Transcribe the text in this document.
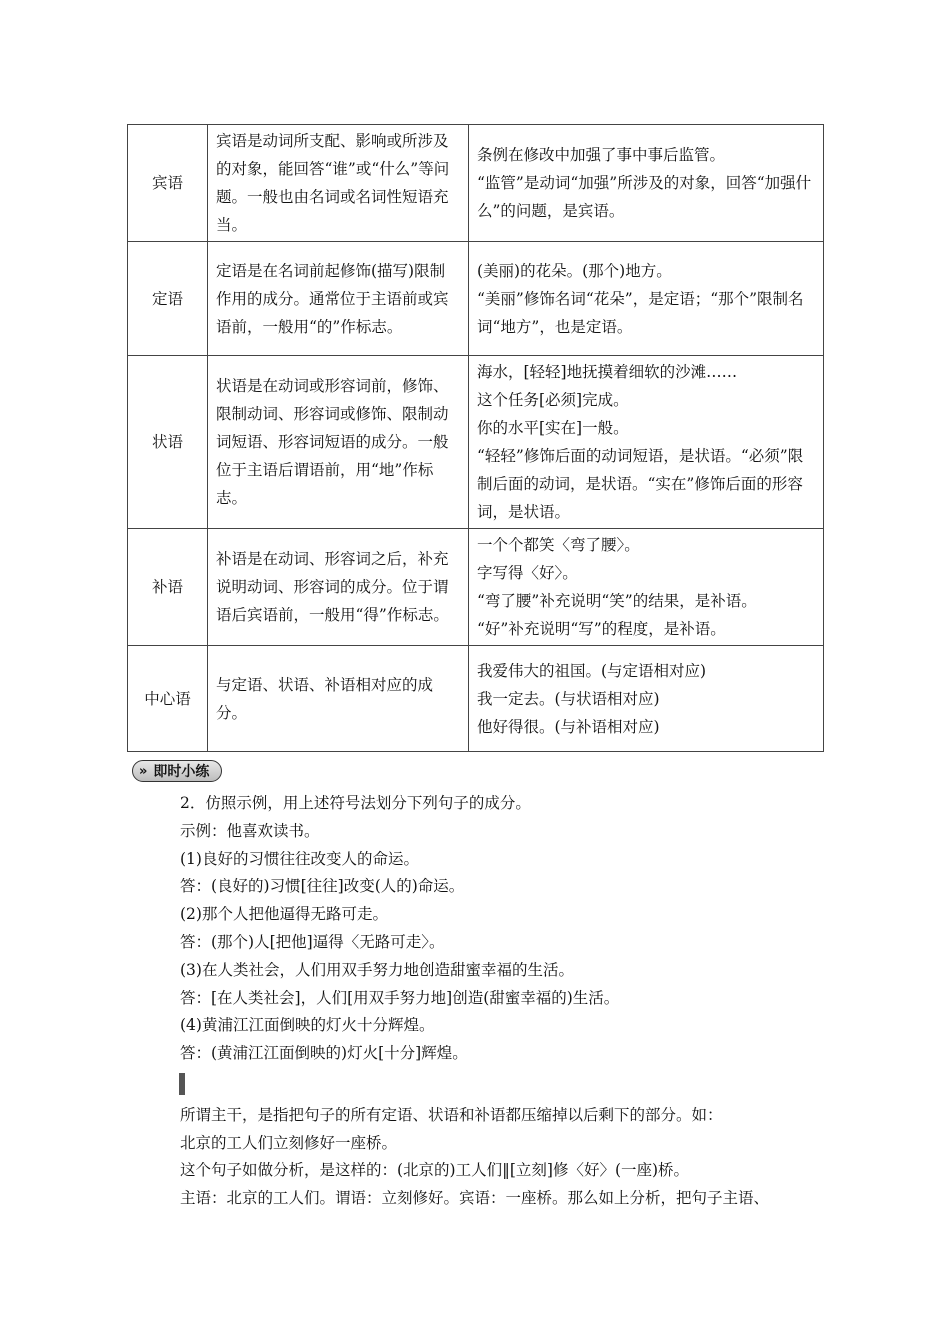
宾语	宾语是动词所支配、影响或所涉及的对象，能回答“谁”或“什么”等问题。一般也由名词或名词性短语充当。	条例在修改中加强了事中事后监管。
“监管”是动词“加强”所涉及的对象，回答“加强什么”的问题，是宾语。

定语	定语是在名词前起修饰(描写)限制作用的成分。通常位于主语前或宾语前，一般用“的”作标志。	(美丽)的花朵。(那个)地方。
“美丽”修饰名词“花朵”，是定语；“那个”限制名词“地方”，也是定语。

状语	状语是在动词或形容词前，修饰、限制动词、形容词或修饰、限制动词短语、形容词短语的成分。一般位于主语后谓语前，用“地”作标志。	海水，[轻轻]地抚摸着细软的沙滩……
这个任务[必须]完成。
你的水平[实在]一般。
“轻轻”修饰后面的动词短语，是状语。“必须”限制后面的动词，是状语。“实在”修饰后面的形容词，是状语。

补语	补语是在动词、形容词之后，补充说明动词、形容词的成分。位于谓语后宾语前，一般用“得”作标志。	一个个都笑〈弯了腰〉。
字写得〈好〉。
“弯了腰”补充说明“笑”的结果，是补语。
“好”补充说明“写”的程度，是补语。

中心语	与定语、状语、补语相对应的成分。	我爱伟大的祖国。(与定语相对应)
我一定去。(与状语相对应)
他好得很。(与补语相对应)
» 即时小练
2．仿照示例，用上述符号法划分下列句子的成分。
示例：他喜欢读书。
(1)良好的习惯往往改变人的命运。
答：(良好的)习惯[往往]改变(人的)命运。
(2)那个人把他逼得无路可走。
答：(那个)人[把他]逼得〈无路可走〉。
(3)在人类社会，人们用双手努力地创造甜蜜幸福的生活。
答：[在人类社会]，人们[用双手努力地]创造(甜蜜幸福的)生活。
(4)黄浦江江面倒映的灯火十分辉煌。
答：(黄浦江江面倒映的)灯火[十分]辉煌。
所谓主干，是指把句子的所有定语、状语和补语都压缩掉以后剩下的部分。如：
北京的工人们立刻修好一座桥。
这个句子如做分析，是这样的：(北京的)工人们‖[立刻]修〈好〉(一座)桥。
主语：北京的工人们。谓语：立刻修好。宾语：一座桥。那么如上分析，把句子主语、
